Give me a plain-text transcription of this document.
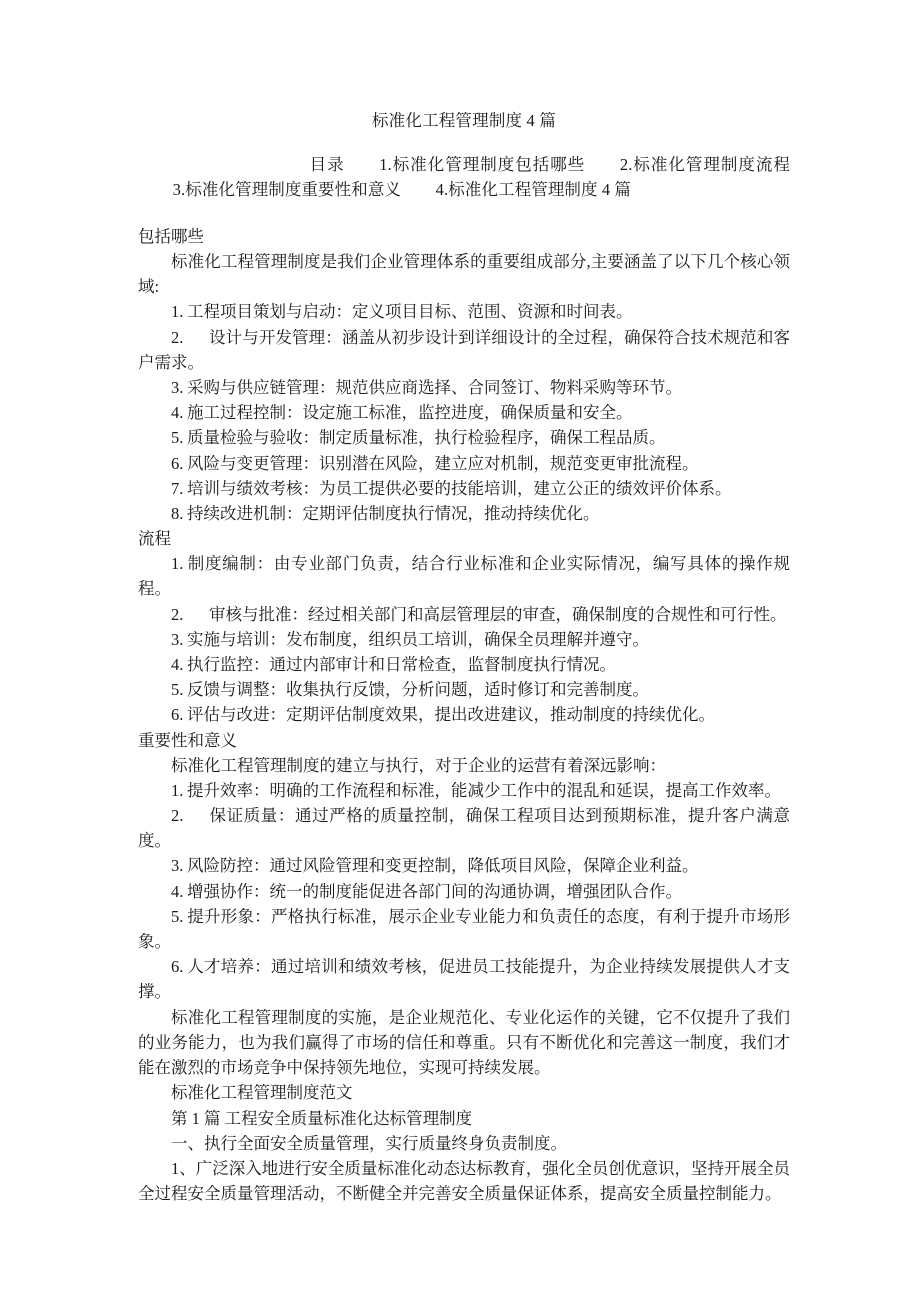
标准化工程管理制度 4 篇
目录 1.标准化管理制度包括哪些 2.标准化管理制度流程3.标准化管理制度重要性和意义 4.标准化工程管理制度 4 篇

包括哪些

标准化工程管理制度是我们企业管理体系的重要组成部分,主要涵盖了以下几个核心领域:

1. 工程项目策划与启动：定义项目目标、范围、资源和时间表。

2. 设计与开发管理：涵盖从初步设计到详细设计的全过程，确保符合技术规范和客户需求。

3. 采购与供应链管理：规范供应商选择、合同签订、物料采购等环节。

4. 施工过程控制：设定施工标准，监控进度，确保质量和安全。

5. 质量检验与验收：制定质量标准，执行检验程序，确保工程品质。

6. 风险与变更管理：识别潜在风险，建立应对机制，规范变更审批流程。

7. 培训与绩效考核：为员工提供必要的技能培训，建立公正的绩效评价体系。

8. 持续改进机制：定期评估制度执行情况，推动持续优化。

流程

1. 制度编制：由专业部门负责，结合行业标准和企业实际情况，编写具体的操作规程。

2. 审核与批准：经过相关部门和高层管理层的审查，确保制度的合规性和可行性。

3. 实施与培训：发布制度，组织员工培训，确保全员理解并遵守。

4. 执行监控：通过内部审计和日常检查，监督制度执行情况。

5. 反馈与调整：收集执行反馈，分析问题，适时修订和完善制度。

6. 评估与改进：定期评估制度效果，提出改进建议，推动制度的持续优化。

重要性和意义

标准化工程管理制度的建立与执行，对于企业的运营有着深远影响：

1. 提升效率：明确的工作流程和标准，能减少工作中的混乱和延误，提高工作效率。

2. 保证质量：通过严格的质量控制，确保工程项目达到预期标准，提升客户满意度。

3. 风险防控：通过风险管理和变更控制，降低项目风险，保障企业利益。

4. 增强协作：统一的制度能促进各部门间的沟通协调，增强团队合作。

5. 提升形象：严格执行标准，展示企业专业能力和负责任的态度，有利于提升市场形象。

6. 人才培养：通过培训和绩效考核，促进员工技能提升，为企业持续发展提供人才支撑。

标准化工程管理制度的实施，是企业规范化、专业化运作的关键，它不仅提升了我们的业务能力，也为我们赢得了市场的信任和尊重。只有不断优化和完善这一制度，我们才能在激烈的市场竞争中保持领先地位，实现可持续发展。

标准化工程管理制度范文

第 1 篇 工程安全质量标准化达标管理制度

一、执行全面安全质量管理，实行质量终身负责制度。

1、广泛深入地进行安全质量标准化动态达标教育，强化全员创优意识，坚持开展全员全过程安全质量管理活动，不断健全并完善安全质量保证体系，提高安全质量控制能力。
